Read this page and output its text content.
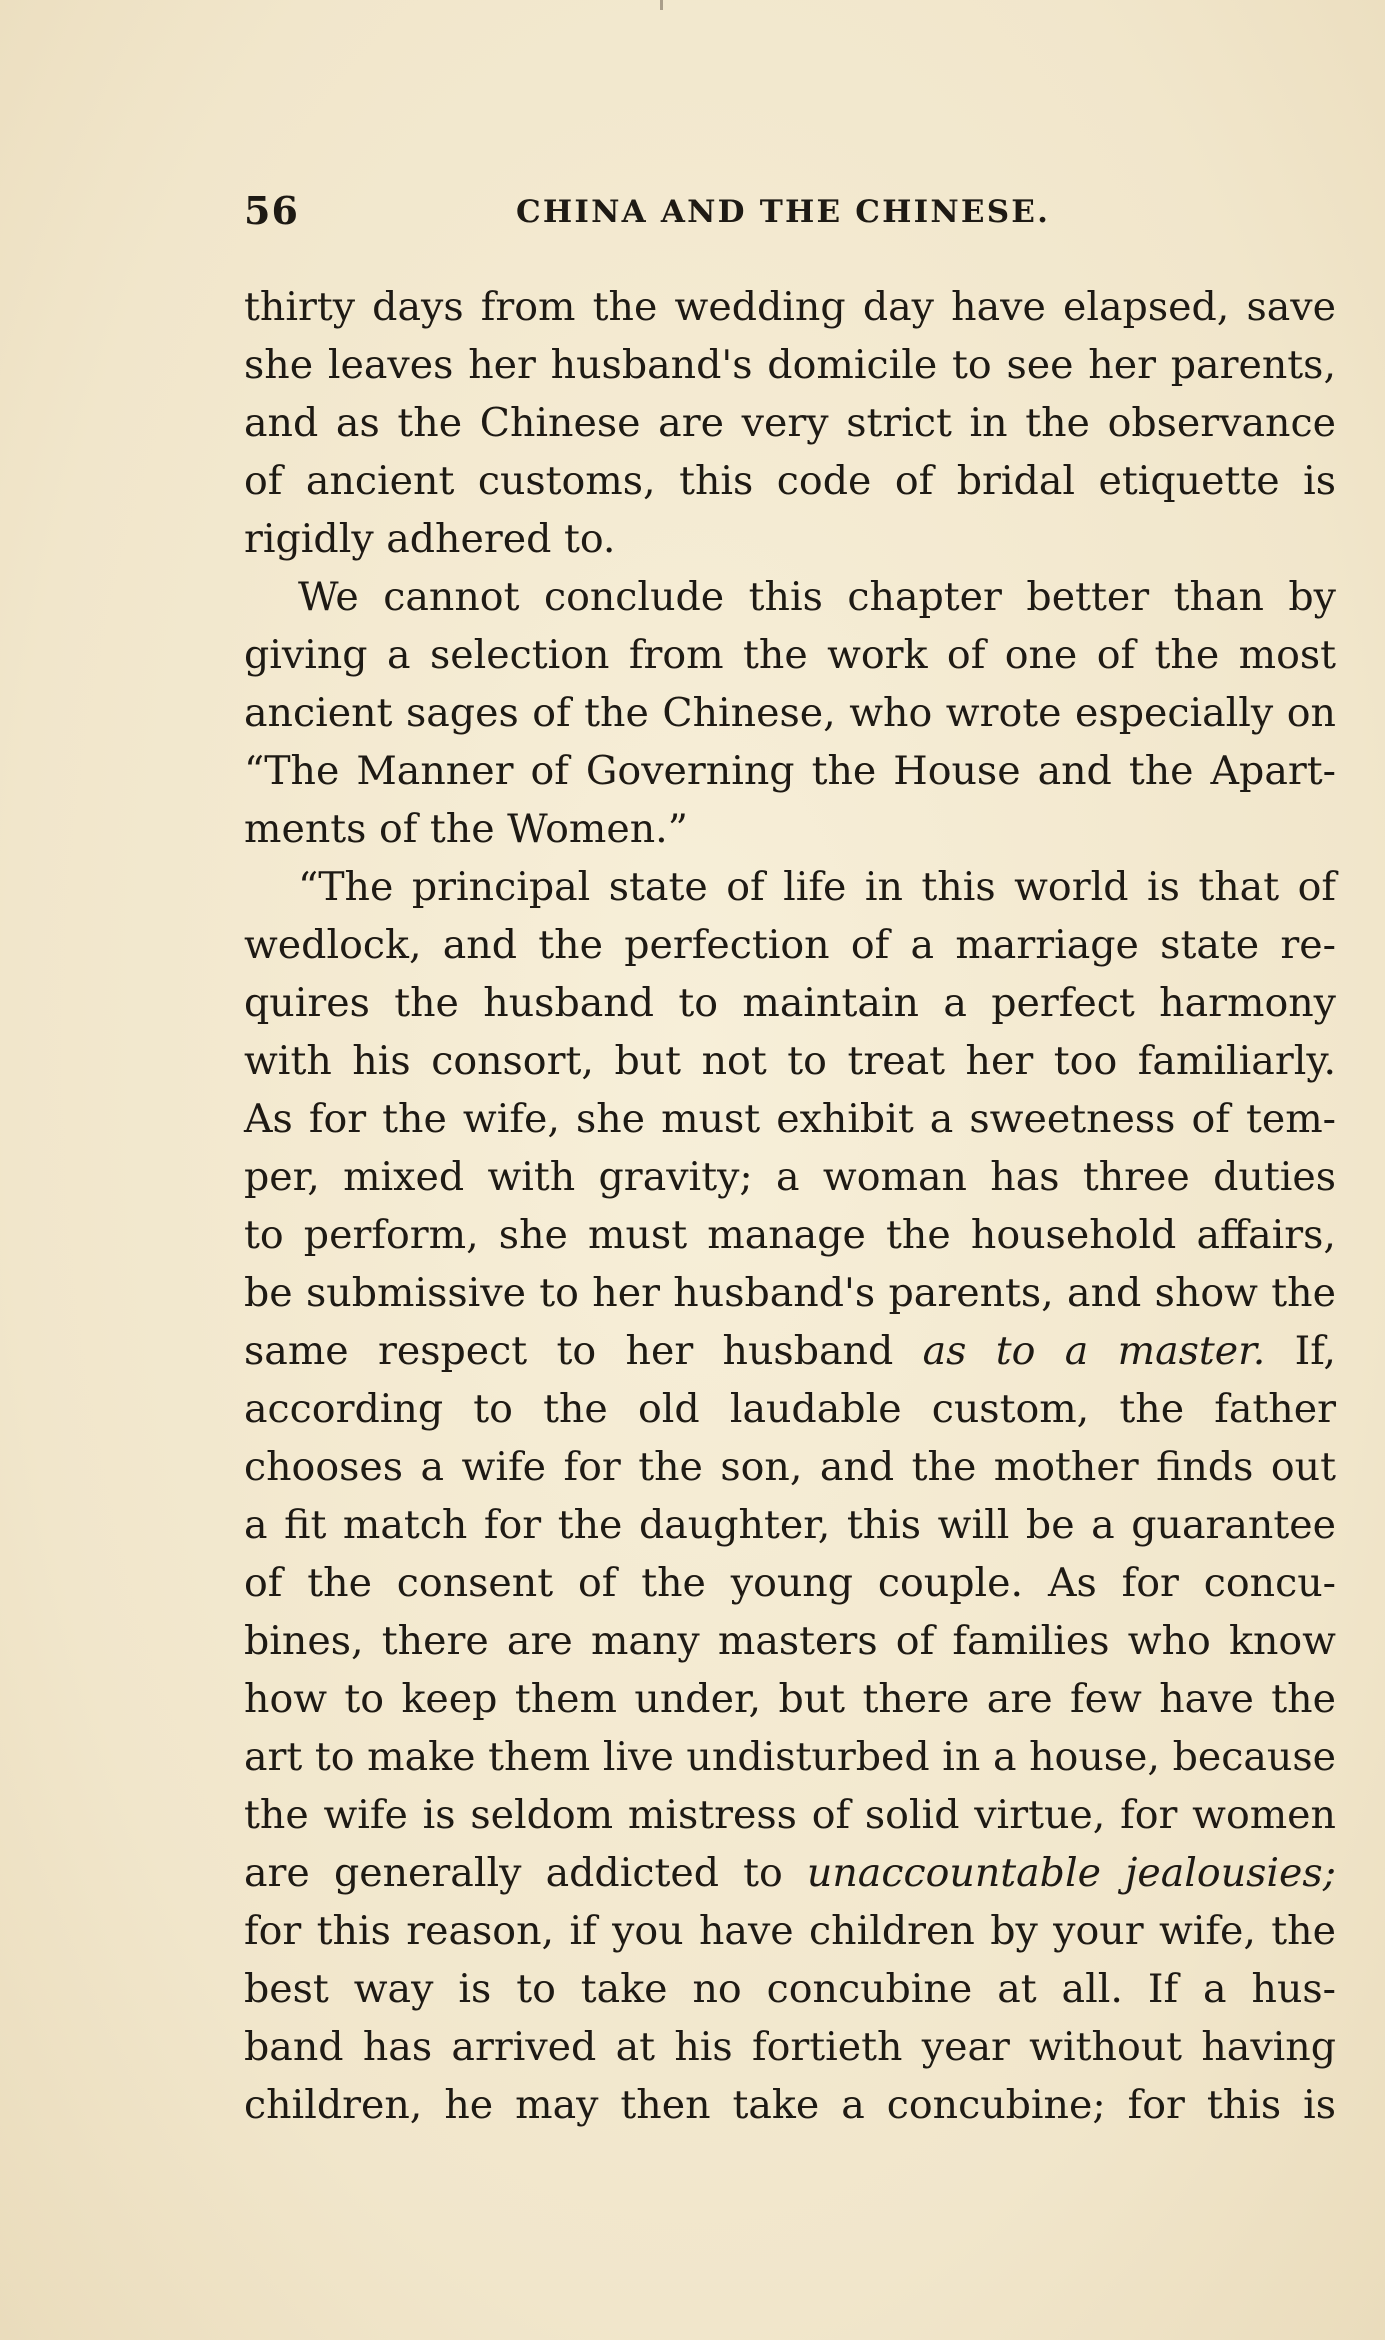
56	CHINA AND THE CHINESE.
thirty days from the wedding day have elapsed, save
she leaves her husband's domicile to see her parents,
and as the Chinese are very strict in the observance
of ancient customs, this code of bridal etiquette is
rigidly adhered to.
We cannot conclude this chapter better than by
giving a selection from the work of one of the most
ancient sages of the Chinese, who wrote especially on
“The Manner of Governing the House and the Apart-
ments of the Women.”
“The principal state of life in this world is that of
wedlock, and the perfection of a marriage state re-
quires the husband to maintain a perfect harmony
with his consort, but not to treat her too familiarly.
As for the wife, she must exhibit a sweetness of tem-
per, mixed with gravity; a woman has three duties
to perform, she must manage the household affairs,
be submissive to her husband's parents, and show the
same respect to her husband as to a master. If,
according to the old laudable custom, the father
chooses a wife for the son, and the mother finds out
a fit match for the daughter, this will be a guarantee
of the consent of the young couple. As for concu-
bines, there are many masters of families who know
how to keep them under, but there are few have the
art to make them live undisturbed in a house, because
the wife is seldom mistress of solid virtue, for women
are generally addicted to unaccountable jealousies;
for this reason, if you have children by your wife, the
best way is to take no concubine at all. If a hus-
band has arrived at his fortieth year without having
children, he may then take a concubine; for this is
